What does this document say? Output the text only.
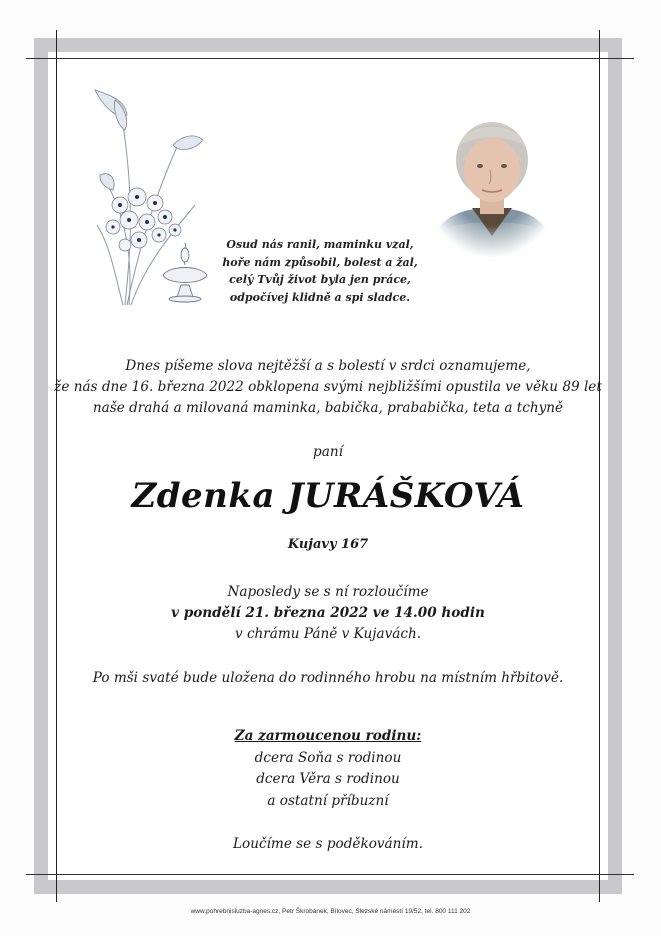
Osud nás ranil, maminku vzal,
hoře nám způsobil, bolest a žal,
celý Tvůj život byla jen práce,
odpočívej klidně a spi sladce.
Dnes píšeme slova nejtěžší a s bolestí v srdci oznamujeme,
že nás dne 16. března 2022 obklopena svými nejbližšími opustila ve věku 89 let
naše drahá a milovaná maminka, babička, prababička, teta a tchyně
paní
Zdenka JURÁŠKOVÁ
Kujavy 167
Naposledy se s ní rozloučíme
v pondělí 21. března 2022 ve 14.00 hodin
v chrámu Páně v Kujavách.
Po mši svaté bude uložena do rodinného hrobu na místním hřbitově.
Za zarmoucenou rodinu:
dcera Soňa s rodinou
dcera Věra s rodinou
a ostatní příbuzní
Loučíme se s poděkováním.
www.pohrebnisluzba-agnes.cz, Petr Škrobánek, Bílovec, Slezské náměstí 19/52, tel. 800 111 202
